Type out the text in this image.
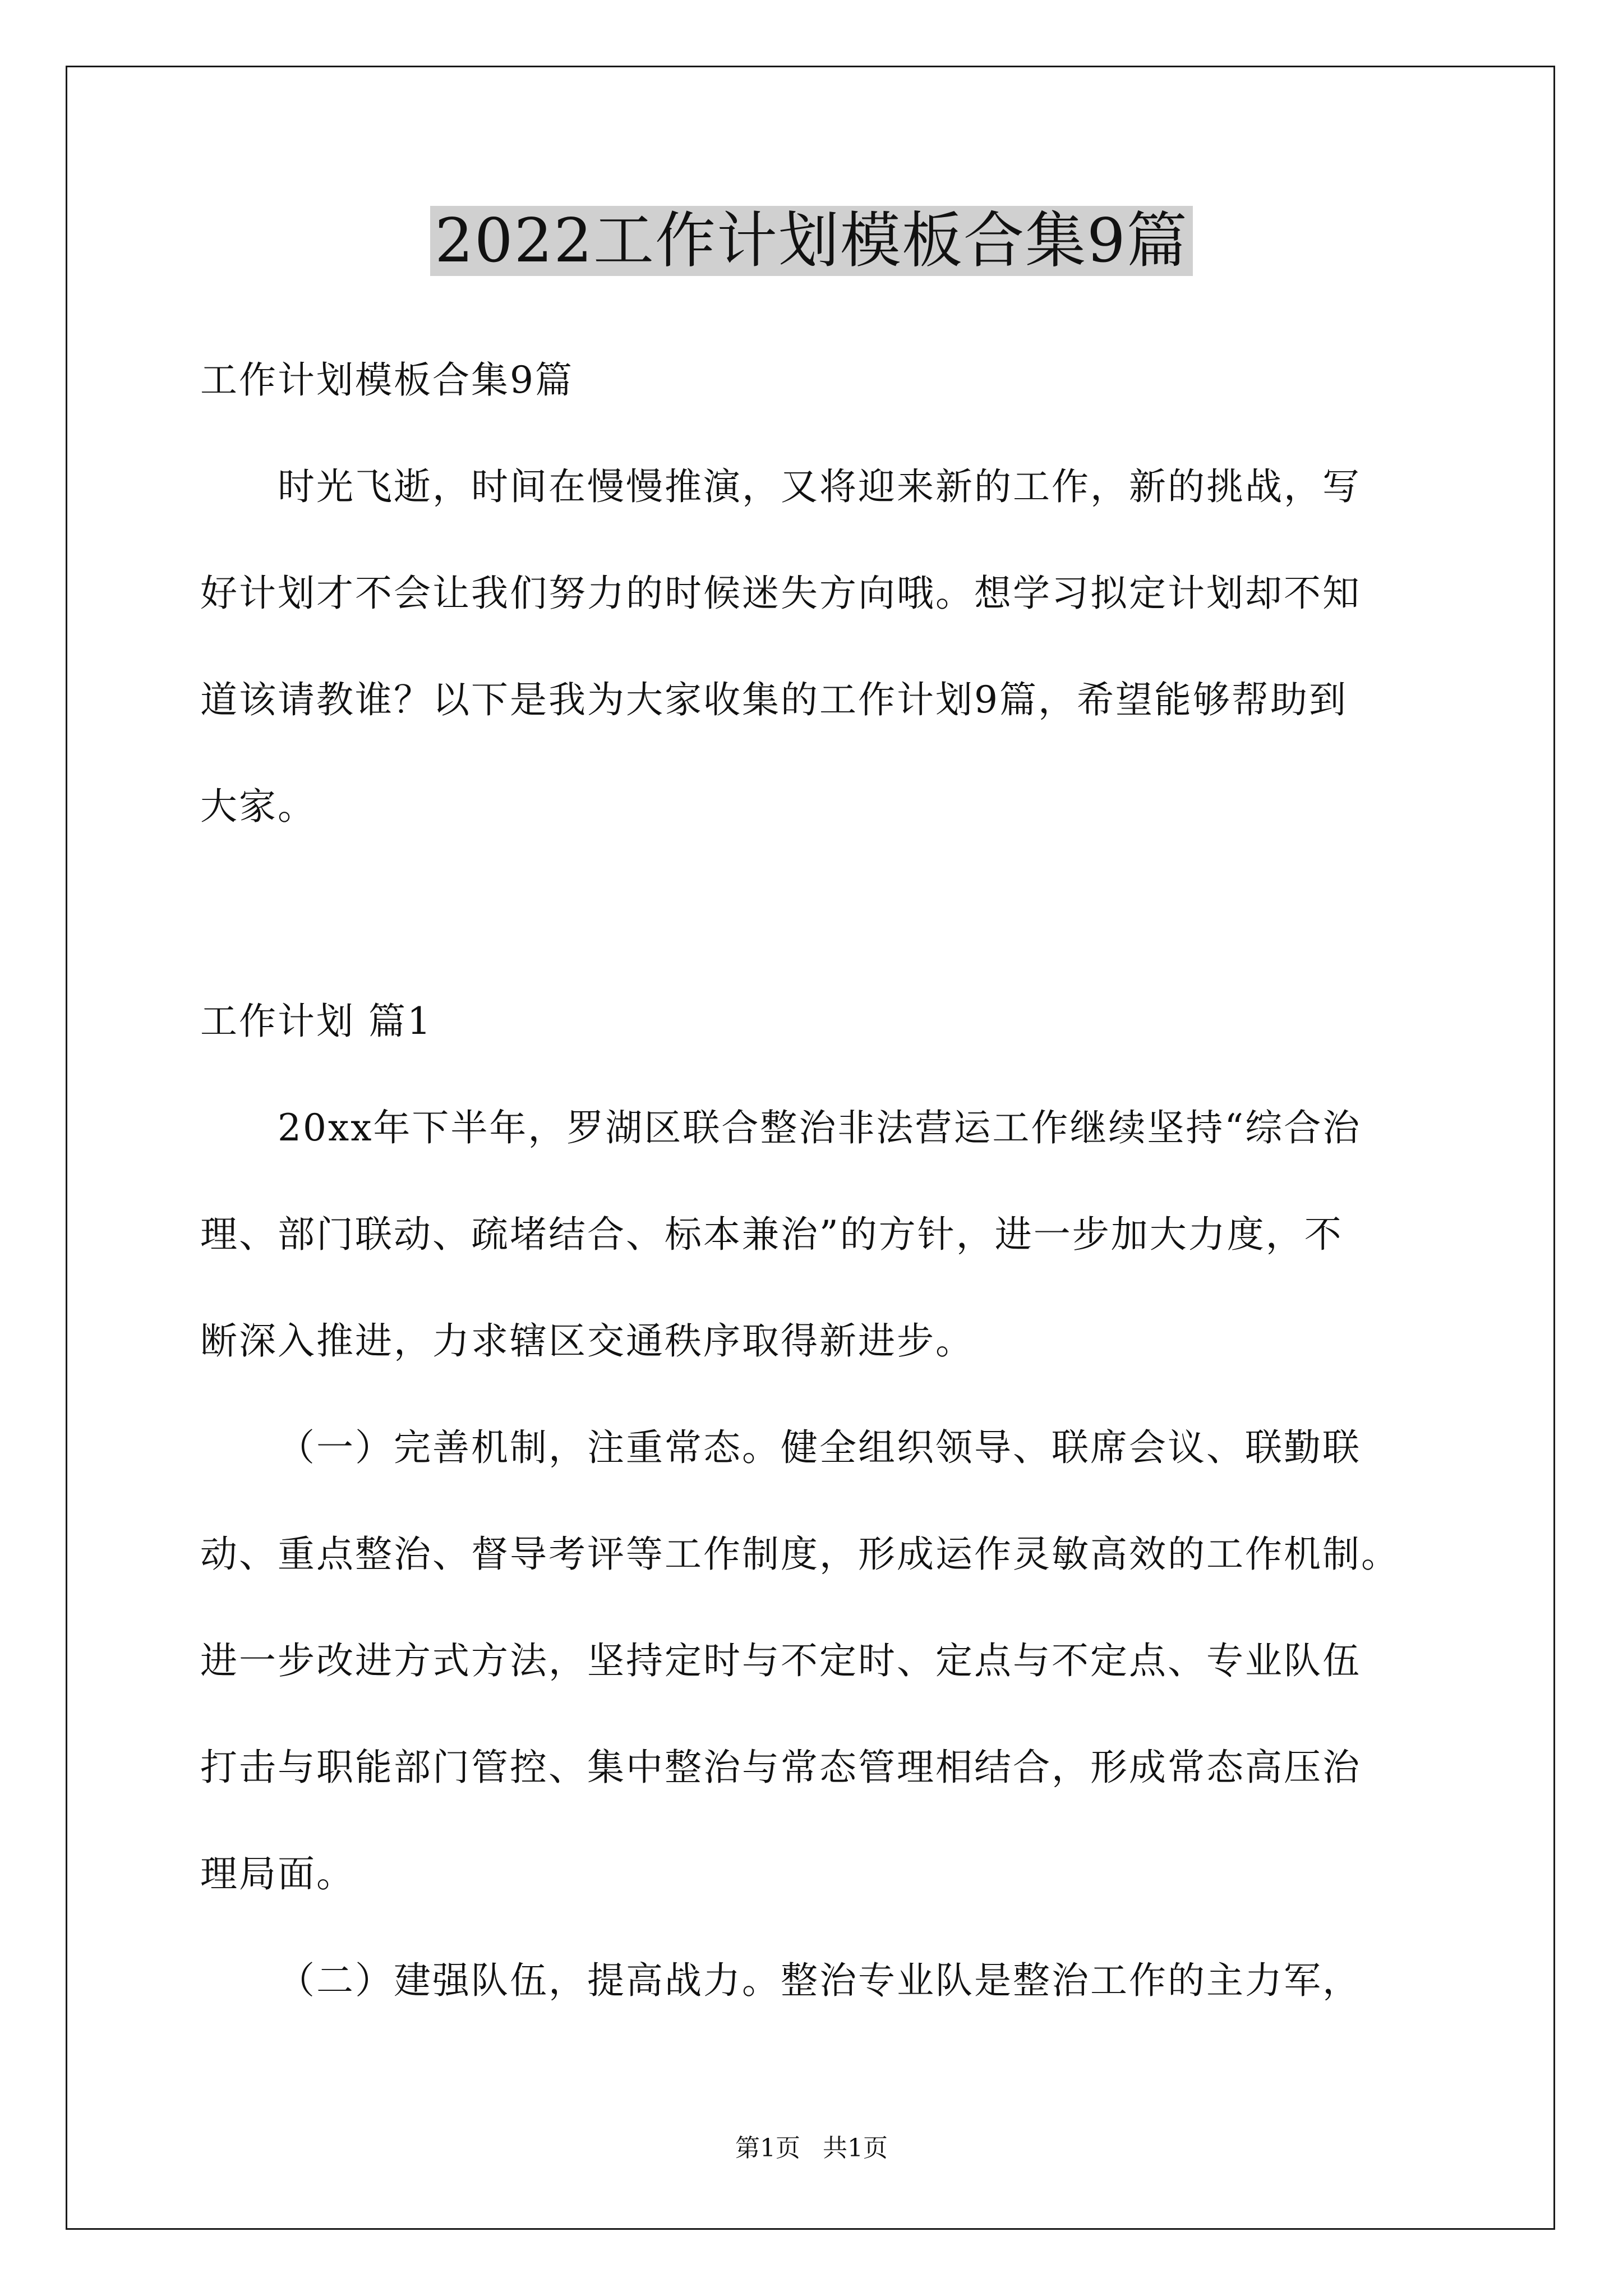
2022工作计划模板合集9篇
工作计划模板合集9篇
时光飞逝，时间在慢慢推演，又将迎来新的工作，新的挑战，写
好计划才不会让我们努力的时候迷失方向哦。想学习拟定计划却不知
道该请教谁？以下是我为大家收集的工作计划9篇，希望能够帮助到
大家。
工作计划 篇1
20xx年下半年，罗湖区联合整治非法营运工作继续坚持“综合治
理、部门联动、疏堵结合、标本兼治”的方针，进一步加大力度，不
断深入推进，力求辖区交通秩序取得新进步。
（一）完善机制，注重常态。健全组织领导、联席会议、联勤联
动、重点整治、督导考评等工作制度，形成运作灵敏高效的工作机制。
进一步改进方式方法，坚持定时与不定时、定点与不定点、专业队伍
打击与职能部门管控、集中整治与常态管理相结合，形成常态高压治
理局面。
（二）建强队伍，提高战力。整治专业队是整治工作的主力军，
第1页 共1页
